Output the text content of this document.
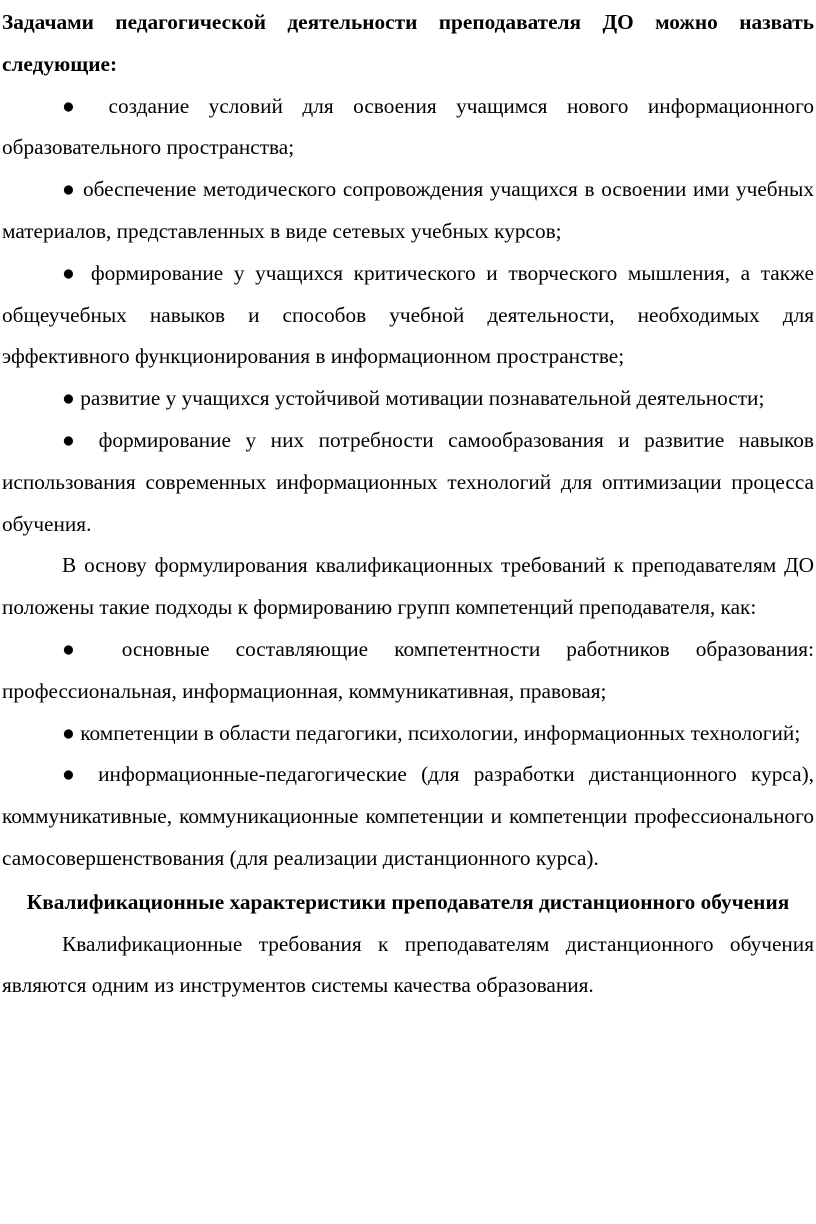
Задачами педагогической деятельности преподавателя ДО можно назвать следующие:

● создание условий для освоения учащимся нового информационного образовательного пространства;

● обеспечение методического сопровождения учащихся в освоении ими учебных материалов, представленных в виде сетевых учебных курсов;

● формирование у учащихся критического и творческого мышления, а также общеучебных навыков и способов учебной деятельности, необходимых для эффективного функционирования в информационном пространстве;

● развитие у учащихся устойчивой мотивации познавательной деятельности;

● формирование у них потребности самообразования и развитие навыков использования современных информационных технологий для оптимизации процесса обучения.

В основу формулирования квалификационных требований к преподавателям ДО положены такие подходы к формированию групп компетенций преподавателя, как:

● основные составляющие компетентности работников образования: профессиональная, информационная, коммуникативная, правовая;

● компетенции в области педагогики, психологии, информационных технологий;

● информационные-педагогические (для разработки дистанционного курса), коммуникативные, коммуникационные компетенции и компетенции профессионального самосовершенствования (для реализации дистанционного курса).

Квалификационные характеристики преподавателя дистанционного обучения

Квалификационные требования к преподавателям дистанционного обучения являются одним из инструментов системы качества образования.
